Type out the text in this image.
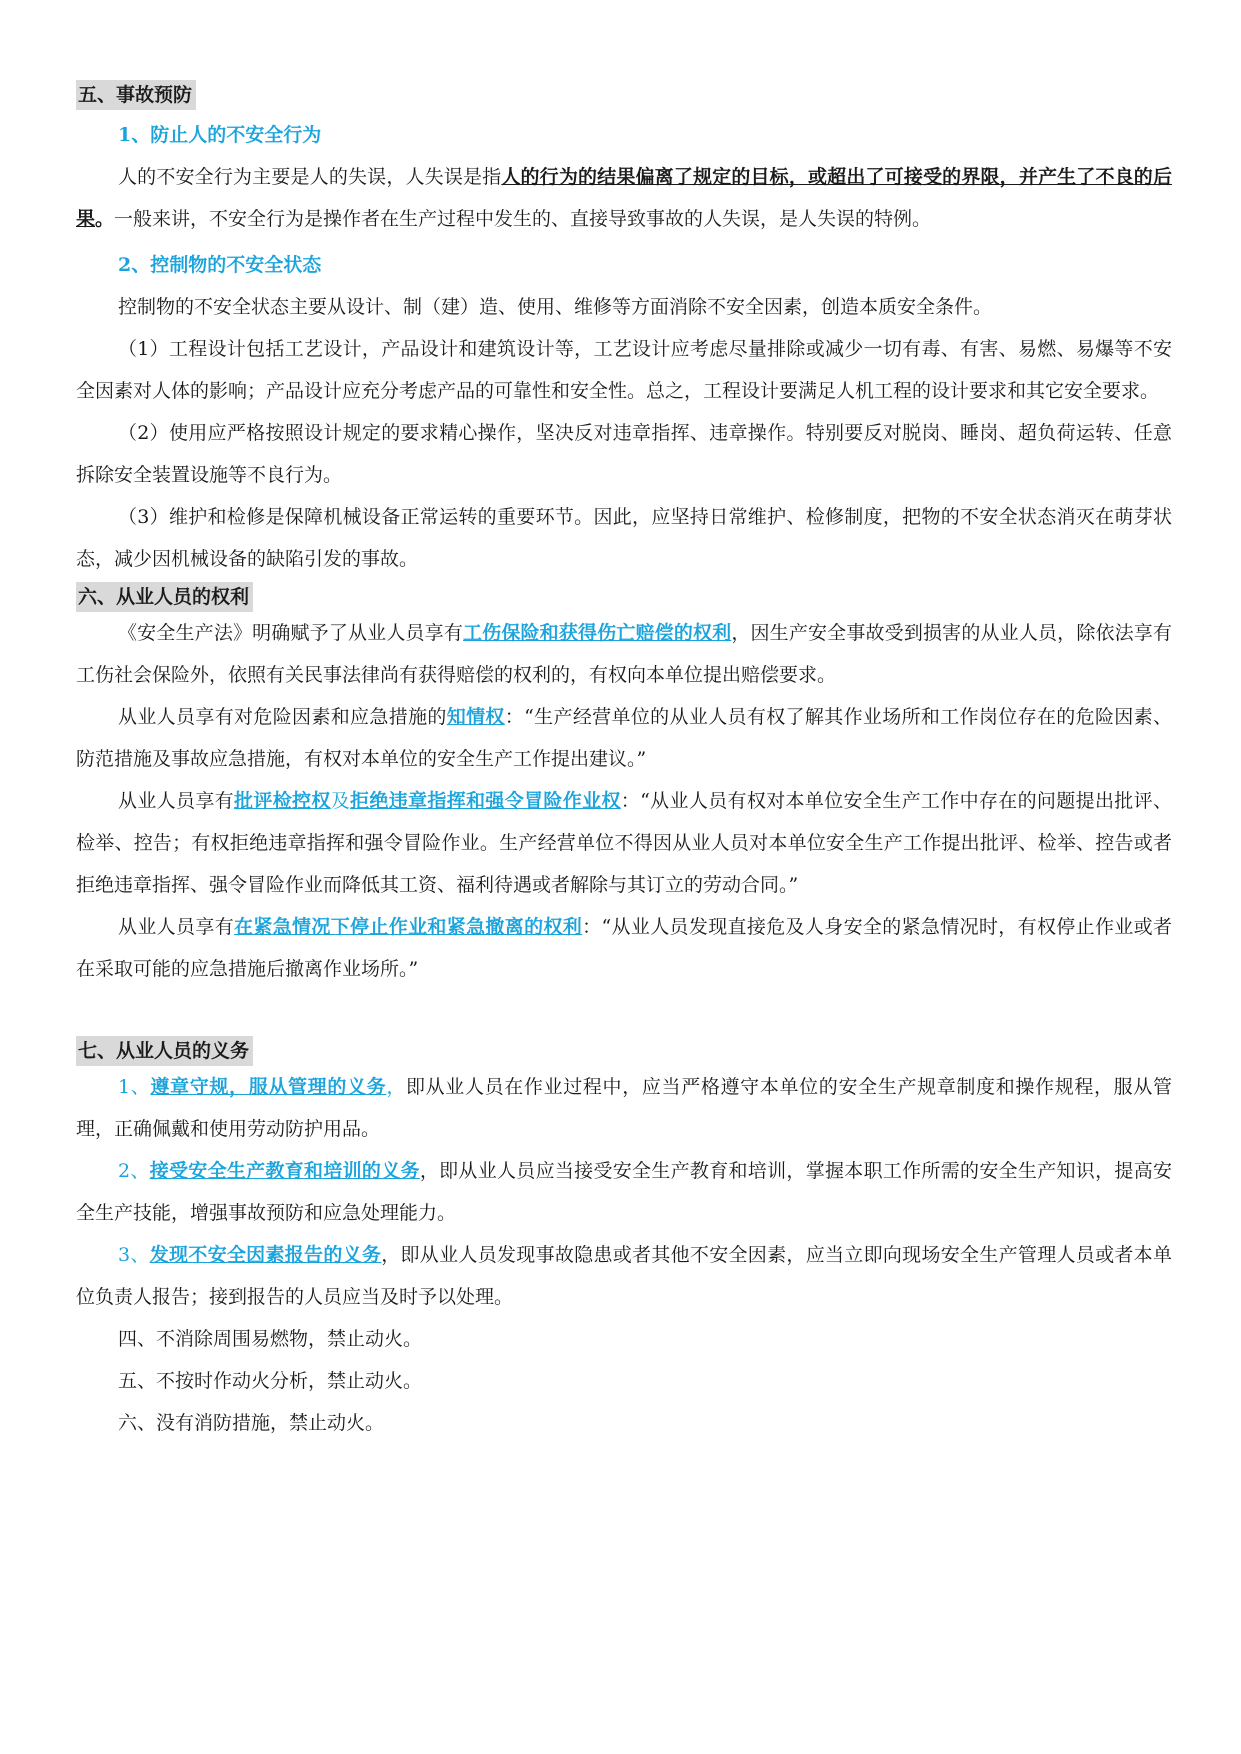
五、事故预防
1、防止人的不安全行为

人的不安全行为主要是人的失误，人失误是指人的行为的结果偏离了规定的目标，或超出了可接受的界限，并产生了不良的后果。一般来讲，不安全行为是操作者在生产过程中发生的、直接导致事故的人失误，是人失误的特例。

2、控制物的不安全状态

控制物的不安全状态主要从设计、制（建）造、使用、维修等方面消除不安全因素，创造本质安全条件。

（1）工程设计包括工艺设计，产品设计和建筑设计等，工艺设计应考虑尽量排除或减少一切有毒、有害、易燃、易爆等不安全因素对人体的影响；产品设计应充分考虑产品的可靠性和安全性。总之，工程设计要满足人机工程的设计要求和其它安全要求。

（2）使用应严格按照设计规定的要求精心操作，坚决反对违章指挥、违章操作。特别要反对脱岗、睡岗、超负荷运转、任意拆除安全装置设施等不良行为。

（3）维护和检修是保障机械设备正常运转的重要环节。因此，应坚持日常维护、检修制度，把物的不安全状态消灭在萌芽状态，减少因机械设备的缺陷引发的事故。

六、从业人员的权利

《安全生产法》明确赋予了从业人员享有工伤保险和获得伤亡赔偿的权利，因生产安全事故受到损害的从业人员，除依法享有工伤社会保险外，依照有关民事法律尚有获得赔偿的权利的，有权向本单位提出赔偿要求。

从业人员享有对危险因素和应急措施的知情权：“生产经营单位的从业人员有权了解其作业场所和工作岗位存在的危险因素、防范措施及事故应急措施，有权对本单位的安全生产工作提出建议。”

从业人员享有批评检控权及拒绝违章指挥和强令冒险作业权：“从业人员有权对本单位安全生产工作中存在的问题提出批评、检举、控告；有权拒绝违章指挥和强令冒险作业。生产经营单位不得因从业人员对本单位安全生产工作提出批评、检举、控告或者拒绝违章指挥、强令冒险作业而降低其工资、福利待遇或者解除与其订立的劳动合同。”

从业人员享有在紧急情况下停止作业和紧急撤离的权利：“从业人员发现直接危及人身安全的紧急情况时，有权停止作业或者在采取可能的应急措施后撤离作业场所。”

七、从业人员的义务

1、遵章守规，服从管理的义务，即从业人员在作业过程中，应当严格遵守本单位的安全生产规章制度和操作规程，服从管理，正确佩戴和使用劳动防护用品。

2、接受安全生产教育和培训的义务，即从业人员应当接受安全生产教育和培训，掌握本职工作所需的安全生产知识，提高安全生产技能，增强事故预防和应急处理能力。

3、发现不安全因素报告的义务，即从业人员发现事故隐患或者其他不安全因素，应当立即向现场安全生产管理人员或者本单位负责人报告；接到报告的人员应当及时予以处理。

四、不消除周围易燃物，禁止动火。

五、不按时作动火分析，禁止动火。

六、没有消防措施，禁止动火。
